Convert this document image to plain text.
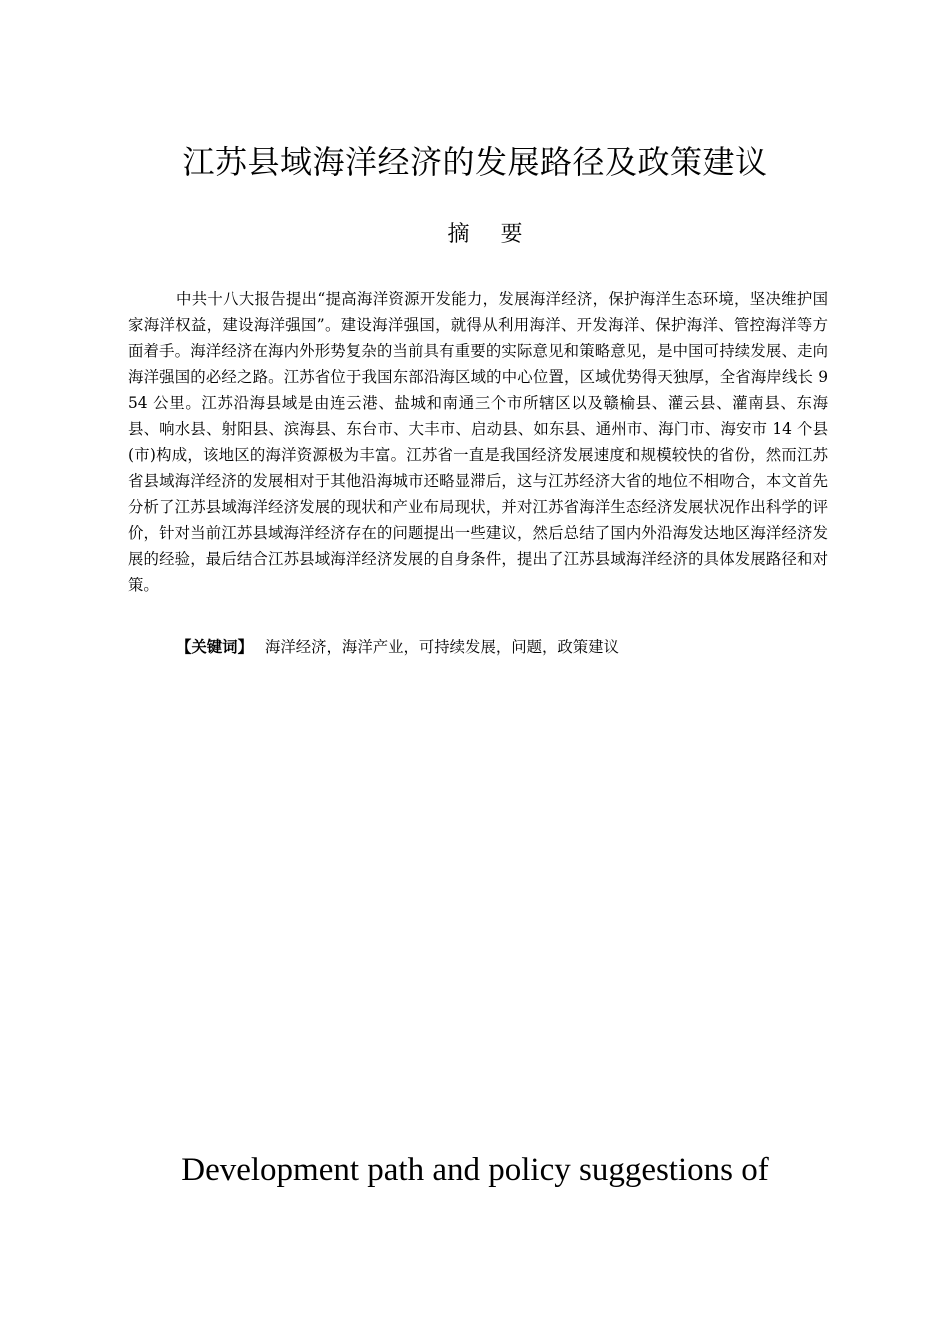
江苏县域海洋经济的发展路径及政策建议
摘 要

中共十八大报告提出“提高海洋资源开发能力，发展海洋经济，保护海洋生态环境，坚决维护国家海洋权益，建设海洋强国”。建设海洋强国，就得从利用海洋、开发海洋、保护海洋、管控海洋等方面着手。海洋经济在海内外形势复杂的当前具有重要的实际意见和策略意见，是中国可持续发展、走向海洋强国的必经之路。江苏省位于我国东部沿海区域的中心位置，区域优势得天独厚，全省海岸线长 954 公里。江苏沿海县域是由连云港、盐城和南通三个市所辖区以及赣榆县、灌云县、灌南县、东海县、响水县、射阳县、滨海县、东台市、大丰市、启动县、如东县、通州市、海门市、海安市 14 个县(市)构成，该地区的海洋资源极为丰富。江苏省一直是我国经济发展速度和规模较快的省份，然而江苏省县域海洋经济的发展相对于其他沿海城市还略显滞后，这与江苏经济大省的地位不相吻合，本文首先分析了江苏县域海洋经济发展的现状和产业布局现状，并对江苏省海洋生态经济发展状况作出科学的评价，针对当前江苏县域海洋经济存在的问题提出一些建议，然后总结了国内外沿海发达地区海洋经济发展的经验，最后结合江苏县域海洋经济发展的自身条件，提出了江苏县域海洋经济的具体发展路径和对策。

【关键词】 海洋经济，海洋产业，可持续发展，问题，政策建议
Development path and policy suggestions of
